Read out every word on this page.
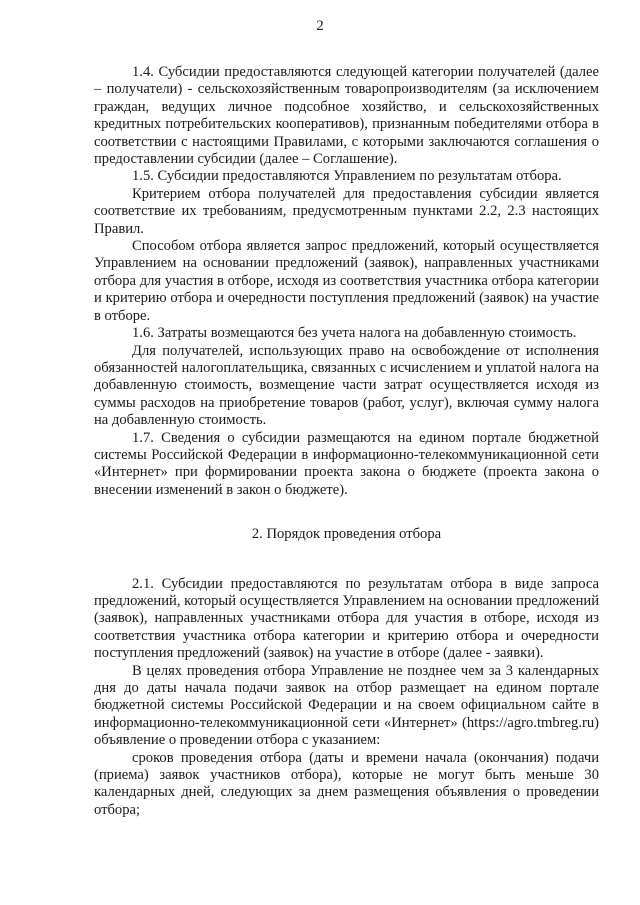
2

1.4. Субсидии предоставляются следующей категории получателей (далее – получатели) - сельскохозяйственным товаропроизводителям (за исключением граждан, ведущих личное подсобное хозяйство, и сельскохозяйственных кредитных потребительских кооперативов), признанным победителями отбора в соответствии с настоящими Правилами, с которыми заключаются соглашения о предоставлении субсидии (далее – Соглашение).

1.5. Субсидии предоставляются Управлением по результатам отбора.

Критерием отбора получателей для предоставления субсидии является соответствие их требованиям, предусмотренным пунктами 2.2, 2.3 настоящих Правил.

Способом отбора является запрос предложений, который осуществляется Управлением на основании предложений (заявок), направленных участниками отбора для участия в отборе, исходя из соответствия участника отбора категории и критерию отбора и очередности поступления предложений (заявок) на участие в отборе.

1.6. Затраты возмещаются без учета налога на добавленную стоимость.

Для получателей, использующих право на освобождение от исполнения обязанностей налогоплательщика, связанных с исчислением и уплатой налога на добавленную стоимость, возмещение части затрат осуществляется исходя из суммы расходов на приобретение товаров (работ, услуг), включая сумму налога на добавленную стоимость.

1.7. Сведения о субсидии размещаются на едином портале бюджетной системы Российской Федерации в информационно-телекоммуникационной сети «Интернет» при формировании проекта закона о бюджете (проекта закона о внесении изменений в закон о бюджете).

2. Порядок проведения отбора

2.1. Субсидии предоставляются по результатам отбора в виде запроса предложений, который осуществляется Управлением на основании предложений (заявок), направленных участниками отбора для участия в отборе, исходя из соответствия участника отбора категории и критерию отбора и очередности поступления предложений (заявок) на участие в отборе (далее - заявки).

В целях проведения отбора Управление не позднее чем за 3 календарных дня до даты начала подачи заявок на отбор размещает на едином портале бюджетной системы Российской Федерации и на своем официальном сайте в информационно-телекоммуникационной сети «Интернет» (https://agro.tmbreg.ru) объявление о проведении отбора с указанием:

сроков проведения отбора (даты и времени начала (окончания) подачи (приема) заявок участников отбора), которые не могут быть меньше 30 календарных дней, следующих за днем размещения объявления о проведении отбора;
